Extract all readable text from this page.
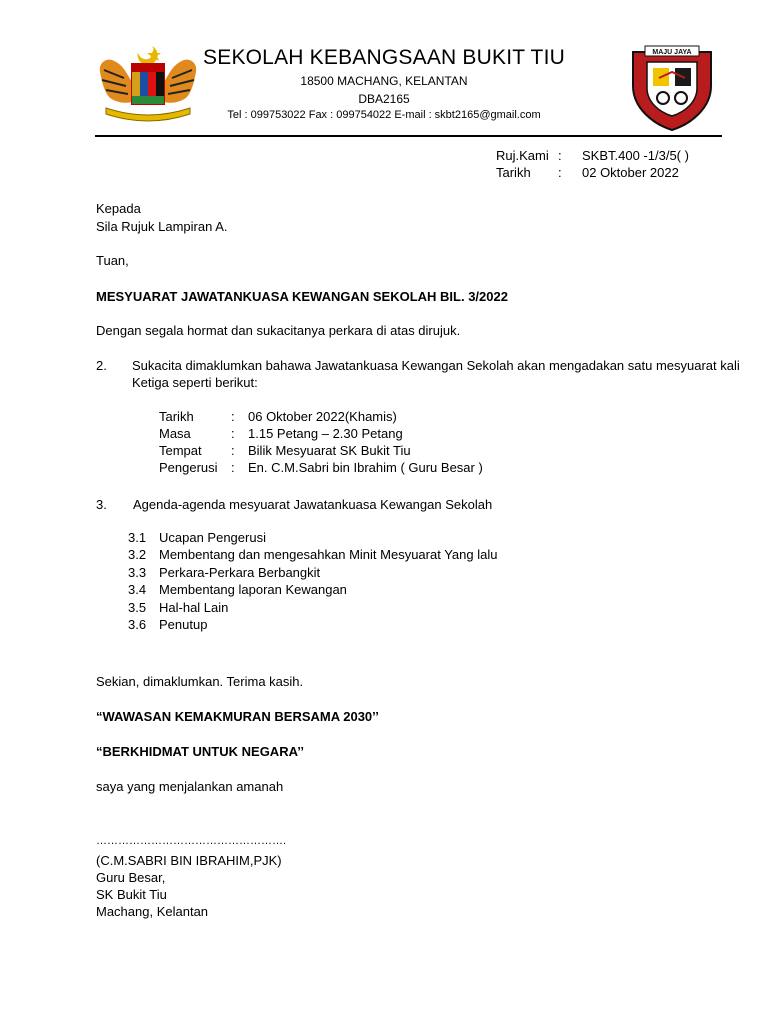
MAJU JAYA
SEKOLAH KEBANGSAAN BUKIT TIU
18500 MACHANG, KELANTAN
DBA2165
Tel : 099753022 Fax : 099754022 E-mail : skbt2165@gmail.com
Ruj.Kami :	SKBT.400 -1/3/5( )
Tarikh	:	02 Oktober 2022
Kepada
Sila Rujuk Lampiran A.
Tuan,
MESYUARAT JAWATANKUASA KEWANGAN SEKOLAH BIL. 3/2022
Dengan segala hormat dan sukacitanya perkara di atas dirujuk.
2. Sukacita dimaklumkan bahawa Jawatankuasa Kewangan Sekolah akan mengadakan satu mesyuarat kali
Ketiga seperti berikut:
Tarikh	:	06 Oktober 2022(Khamis)
Masa	:	1.15 Petang – 2.30 Petang
Tempat	:	Bilik Mesyuarat SK Bukit Tiu
Pengerusi	:	En. C.M.Sabri bin Ibrahim ( Guru Besar )
3. Agenda-agenda mesyuarat Jawatankuasa Kewangan Sekolah
3.1 Ucapan Pengerusi
3.2 Membentang dan mengesahkan Minit Mesyuarat Yang lalu
3.3 Perkara-Perkara Berbangkit
3.4 Membentang laporan Kewangan
3.5 Hal-hal Lain
3.6 Penutup
Sekian, dimaklumkan. Terima kasih.
“WAWASAN KEMAKMURAN BERSAMA 2030’’
“BERKHIDMAT UNTUK NEGARA’’
saya yang menjalankan amanah
…………………………………………….
(C.M.SABRI BIN IBRAHIM,PJK)
Guru Besar,
SK Bukit Tiu
Machang, Kelantan
